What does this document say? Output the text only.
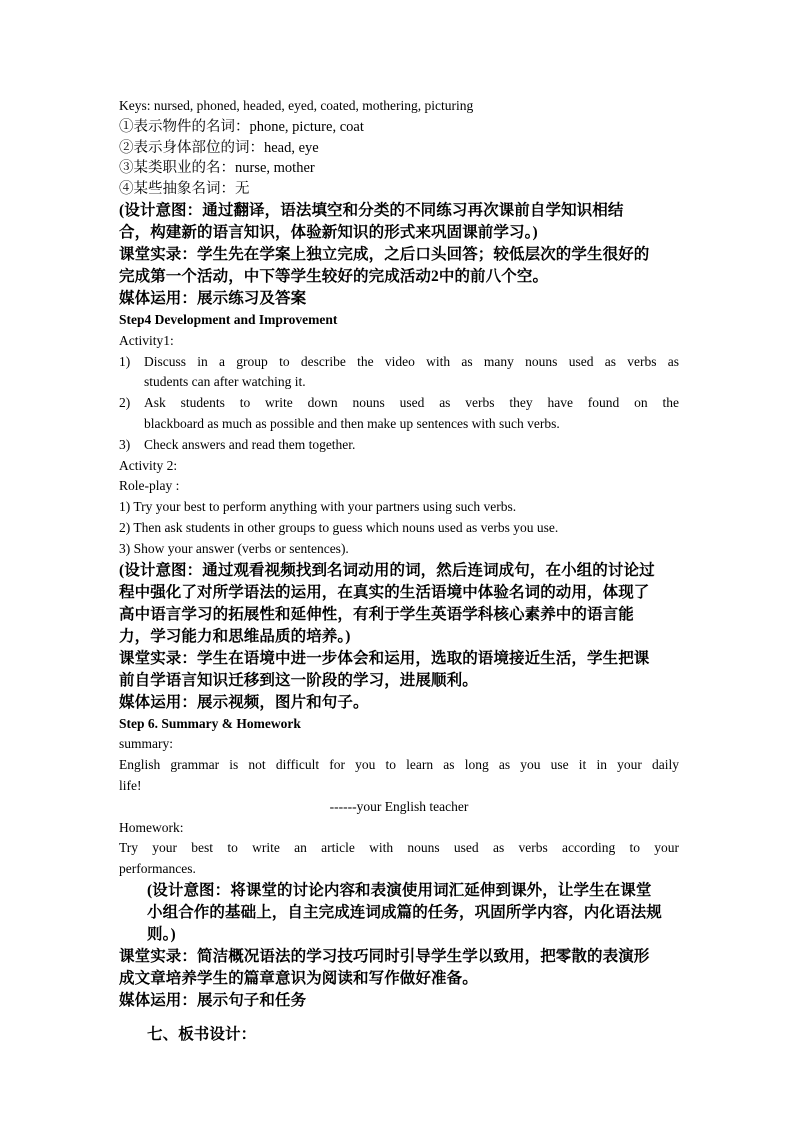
Keys: nursed, phoned, headed, eyed, coated, mothering, picturing
①表示物件的名词：phone, picture, coat
②表示身体部位的词：head, eye
③某类职业的名：nurse, mother
④某些抽象名词：无
(设计意图：通过翻译，语法填空和分类的不同练习再次课前自学知识相结
合，构建新的语言知识，体验新知识的形式来巩固课前学习。)
课堂实录：学生先在学案上独立完成，之后口头回答；较低层次的学生很好的
完成第一个活动，中下等学生较好的完成活动2中的前八个空。
媒体运用：展示练习及答案
Step4 Development and Improvement
Activity1:
1)	Discuss in a group to describe the video with as many nouns used as verbs as
students can after watching it.
2)	Ask students to write down nouns used as verbs they have found on the
blackboard as much as possible and then make up sentences with such verbs.
3)	Check answers and read them together.
Activity 2:
Role-play :
1) Try your best to perform anything with your partners using such verbs.
2) Then ask students in other groups to guess which nouns used as verbs you use.
3) Show your answer (verbs or sentences).
(设计意图：通过观看视频找到名词动用的词，然后连词成句，在小组的讨论过
程中强化了对所学语法的运用，在真实的生活语境中体验名词的动用，体现了
高中语言学习的拓展性和延伸性，有利于学生英语学科核心素养中的语言能
力，学习能力和思维品质的培养。)
课堂实录：学生在语境中进一步体会和运用，选取的语境接近生活，学生把课
前自学语言知识迁移到这一阶段的学习，进展顺利。
媒体运用：展示视频，图片和句子。
Step 6. Summary & Homework
summary:
English grammar is not difficult for you to learn as long as you use it in your daily
life!
------your English teacher
Homework:
Try your best to write an article with nouns used as verbs according to your
performances.
(设计意图：将课堂的讨论内容和表演使用词汇延伸到课外，让学生在课堂
小组合作的基础上，自主完成连词成篇的任务，巩固所学内容，内化语法规
则。)
课堂实录：简洁概况语法的学习技巧同时引导学生学以致用，把零散的表演形
成文章培养学生的篇章意识为阅读和写作做好准备。
媒体运用：展示句子和任务
七、板书设计：
